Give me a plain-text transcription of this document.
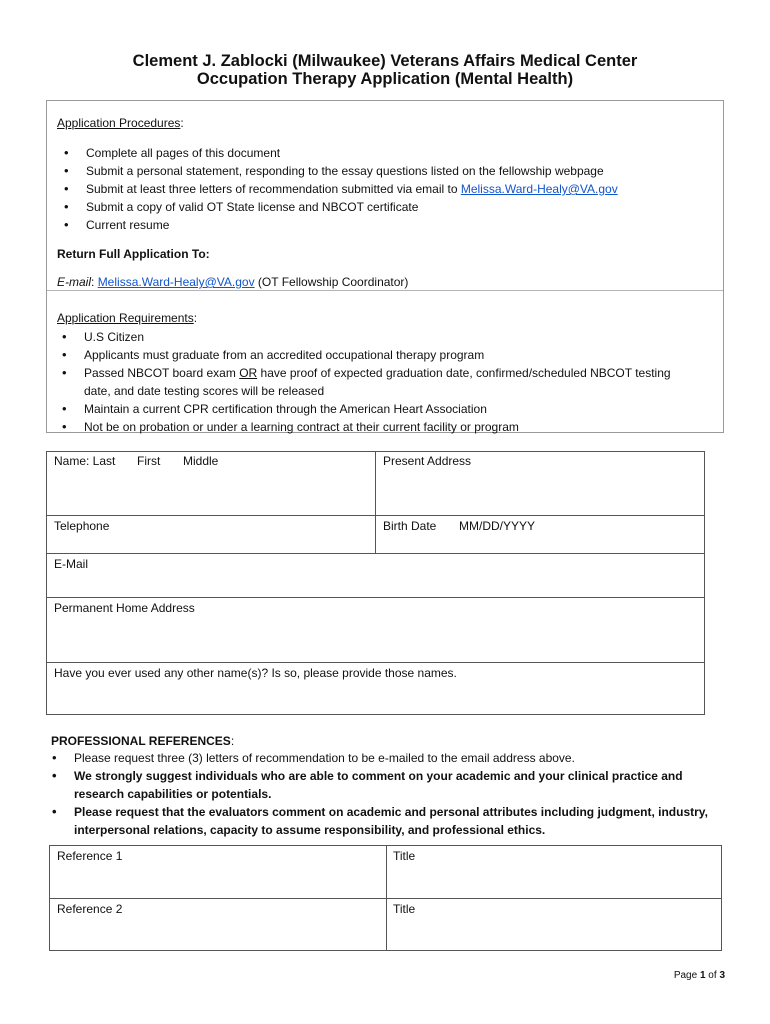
Clement J. Zablocki (Milwaukee) Veterans Affairs Medical Center
Occupation Therapy Application (Mental Health)
Application Procedures:
• Complete all pages of this document
• Submit a personal statement, responding to the essay questions listed on the fellowship webpage
• Submit at least three letters of recommendation submitted via email to Melissa.Ward-Healy@VA.gov
• Submit a copy of valid OT State license and NBCOT certificate
• Current resume
Return Full Application To:
E-mail: Melissa.Ward-Healy@VA.gov (OT Fellowship Coordinator)
Application Requirements:
• U.S Citizen
• Applicants must graduate from an accredited occupational therapy program
• Passed NBCOT board exam OR have proof of expected graduation date, confirmed/scheduled NBCOT testing
date, and date testing scores will be released
• Maintain a current CPR certification through the American Heart Association
• Not be on probation or under a learning contract at their current facility or program
Name: Last First Middle	Present Address
Telephone	Birth Date MM/DD/YYYY
E-Mail
Permanent Home Address
Have you ever used any other name(s)? Is so, please provide those names.
PROFESSIONAL REFERENCES:
• Please request three (3) letters of recommendation to be e-mailed to the email address above.
• We strongly suggest individuals who are able to comment on your academic and your clinical practice and
research capabilities or potentials.
• Please request that the evaluators comment on academic and personal attributes including judgment, industry,
interpersonal relations, capacity to assume responsibility, and professional ethics.
Reference 1	Title
Reference 2	Title
Page 1 of 3
